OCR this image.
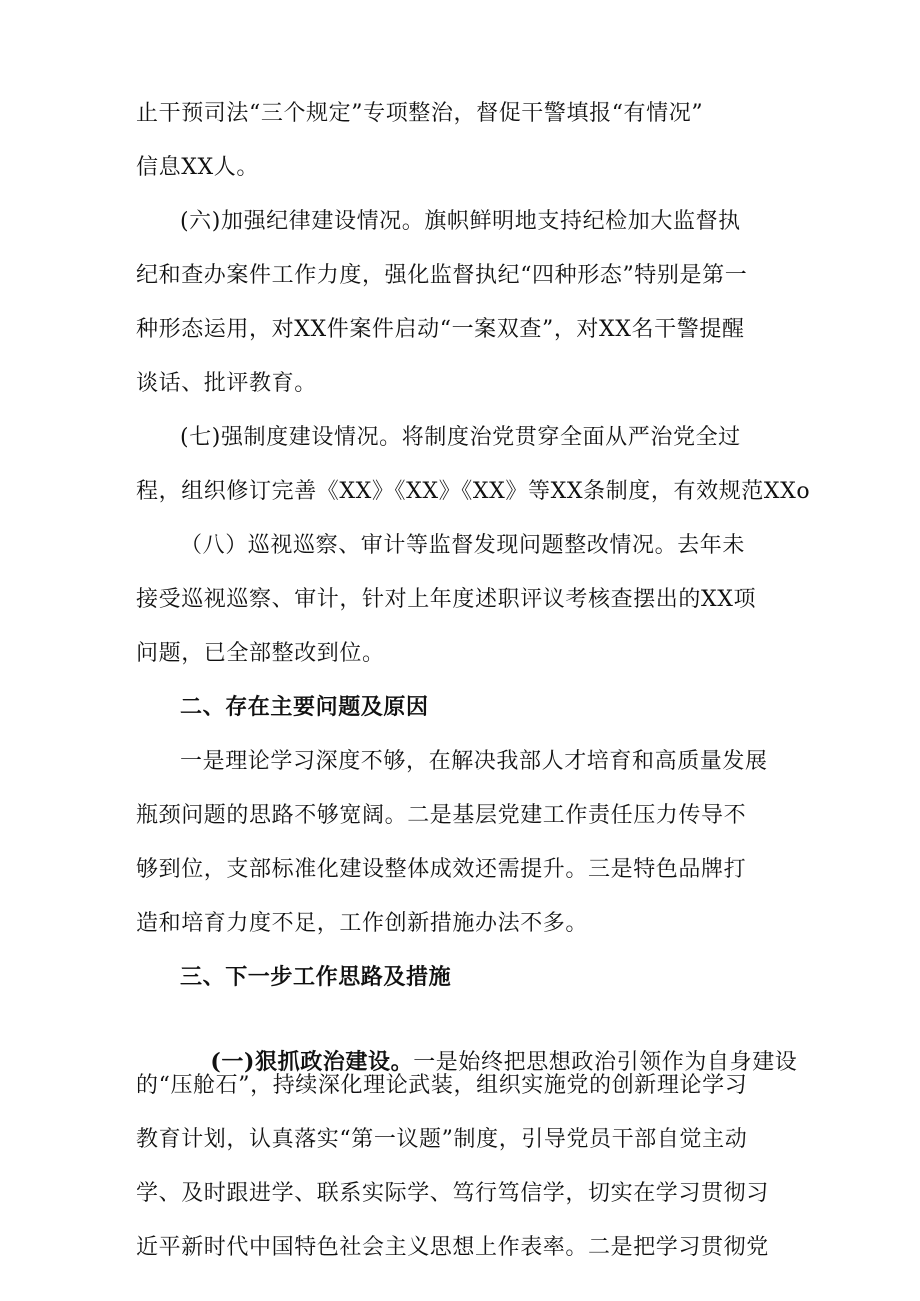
止干预司法“三个规定”专项整治，督促干警填报“有情况”
信息XX人。
(六)加强纪律建设情况。旗帜鲜明地支持纪检加大监督执
纪和查办案件工作力度，强化监督执纪“四种形态”特别是第一
种形态运用，对XX件案件启动“一案双查”，对XX名干警提醒
谈话、批评教育。
(七)强制度建设情况。将制度治党贯穿全面从严治党全过
程，组织修订完善《XX》《XX》《XX》等XX条制度，有效规范XXo
（八）巡视巡察、审计等监督发现问题整改情况。去年未
接受巡视巡察、审计，针对上年度述职评议考核查摆出的XX项
问题，已全部整改到位。
二、存在主要问题及原因
一是理论学习深度不够，在解决我部人才培育和高质量发展
瓶颈问题的思路不够宽阔。二是基层党建工作责任压力传导不
够到位，支部标准化建设整体成效还需提升。三是特色品牌打
造和培育力度不足，工作创新措施办法不多。
三、下一步工作思路及措施

(一)狠抓政治建设。一是始终把思想政治引领作为自身建设

的“压舱石”，持续深化理论武装，组织实施党的创新理论学习
教育计划，认真落实“第一议题”制度，引导党员干部自觉主动
学、及时跟进学、联系实际学、笃行笃信学，切实在学习贯彻习
近平新时代中国特色社会主义思想上作表率。二是把学习贯彻党
